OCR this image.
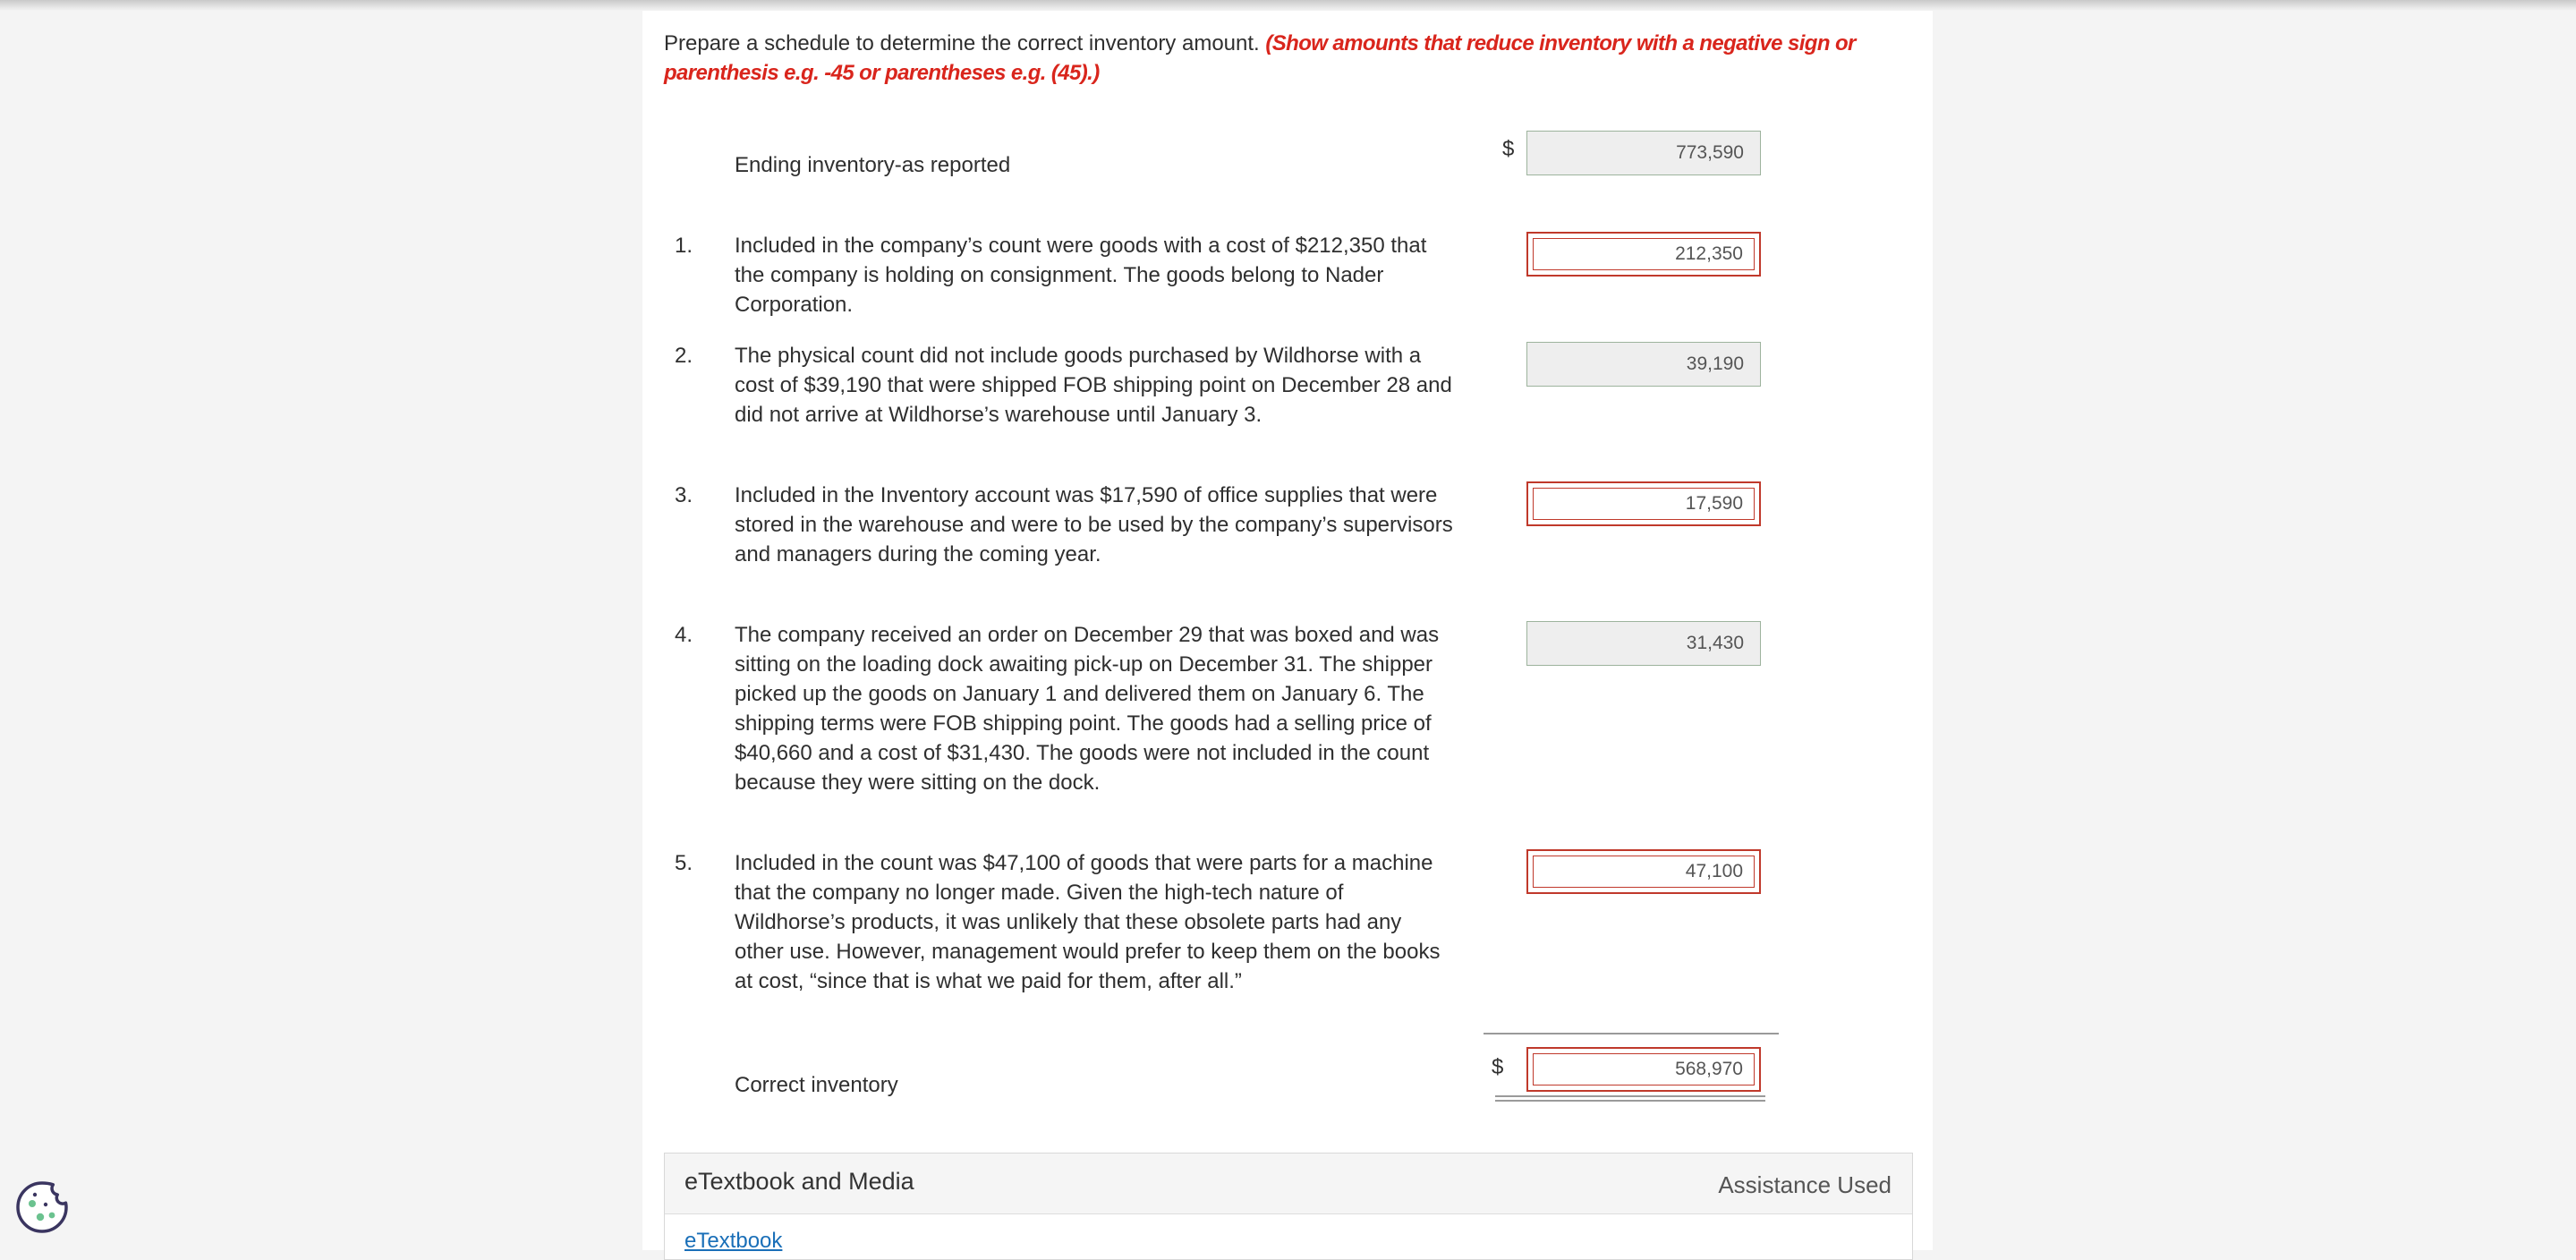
Prepare a schedule to determine the correct inventory amount. (Show amounts that reduce inventory with a negative sign or parenthesis e.g. -45 or parentheses e.g. (45).)
Ending inventory-as reported
$
773,590
1. Included in the company’s count were goods with a cost of $212,350 that the company is holding on consignment. The goods belong to Nader Corporation.
212,350
2. The physical count did not include goods purchased by Wildhorse with a cost of $39,190 that were shipped FOB shipping point on December 28 and did not arrive at Wildhorse’s warehouse until January 3.
39,190
3. Included in the Inventory account was $17,590 of office supplies that were stored in the warehouse and were to be used by the company’s supervisors and managers during the coming year.
17,590
4. The company received an order on December 29 that was boxed and was sitting on the loading dock awaiting pick-up on December 31. The shipper picked up the goods on January 1 and delivered them on January 6. The shipping terms were FOB shipping point. The goods had a selling price of $40,660 and a cost of $31,430. The goods were not included in the count because they were sitting on the dock.
31,430
5. Included in the count was $47,100 of goods that were parts for a machine that the company no longer made. Given the high-tech nature of Wildhorse’s products, it was unlikely that these obsolete parts had any other use. However, management would prefer to keep them on the books at cost, “since that is what we paid for them, after all.”
47,100
Correct inventory
$
568,970
eTextbook and Media	Assistance Used
eTextbook
